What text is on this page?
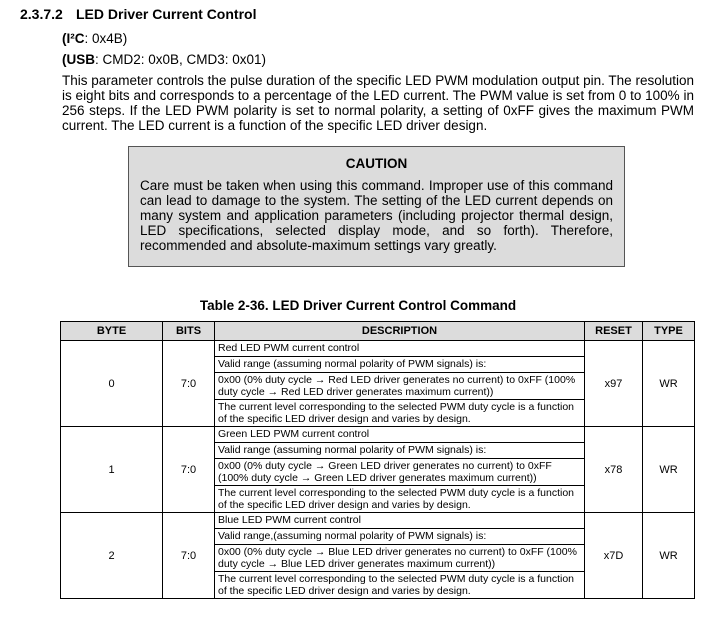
2.3.7.2 LED Driver Current Control
(I²C: 0x4B)
(USB: CMD2: 0x0B, CMD3: 0x01)
This parameter controls the pulse duration of the specific LED PWM modulation output pin. The resolution is eight bits and corresponds to a percentage of the LED current. The PWM value is set from 0 to 100% in 256 steps. If the LED PWM polarity is set to normal polarity, a setting of 0xFF gives the maximum PWM current. The LED current is a function of the specific LED driver design.
CAUTION
Care must be taken when using this command. Improper use of this command can lead to damage to the system. The setting of the LED current depends on many system and application parameters (including projector thermal design, LED specifications, selected display mode, and so forth). Therefore, recommended and absolute-maximum settings vary greatly.
Table 2-36. LED Driver Current Control Command
BYTE	BITS	DESCRIPTION	RESET	TYPE
0	7:0	Red LED PWM current control
Valid range (assuming normal polarity of PWM signals) is:
0x00 (0% duty cycle → Red LED driver generates no current) to 0xFF (100% duty cycle → Red LED driver generates maximum current))
The current level corresponding to the selected PWM duty cycle is a function of the specific LED driver design and varies by design.	x97	WR
1	7:0	Green LED PWM current control
Valid range (assuming normal polarity of PWM signals) is:
0x00 (0% duty cycle → Green LED driver generates no current) to 0xFF (100% duty cycle → Green LED driver generates maximum current))
The current level corresponding to the selected PWM duty cycle is a function of the specific LED driver design and varies by design.	x78	WR
2	7:0	Blue LED PWM current control
Valid range,(assuming normal polarity of PWM signals) is:
0x00 (0% duty cycle → Blue LED driver generates no current) to 0xFF (100% duty cycle → Blue LED driver generates maximum current))
The current level corresponding to the selected PWM duty cycle is a function of the specific LED driver design and varies by design.	x7D	WR
